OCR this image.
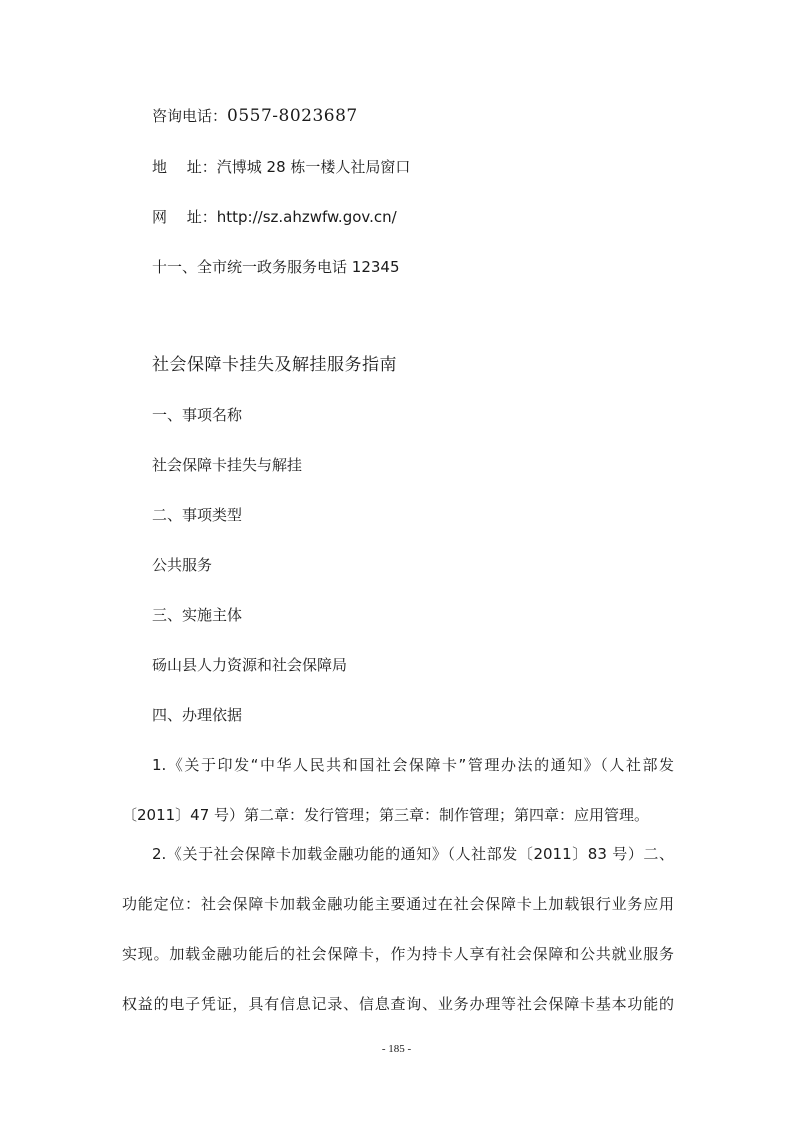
咨询电话：0557-8023687
地　 址：汽博城 28 栋一楼人社局窗口
网　 址：http://sz.ahzwfw.gov.cn/
十一、全市统一政务服务电话 12345
社会保障卡挂失及解挂服务指南
一、事项名称
社会保障卡挂失与解挂
二、事项类型
公共服务
三、实施主体
砀山县人力资源和社会保障局
四、办理依据
1.《关于印发“中华人民共和国社会保障卡”管理办法的通知》（人社部发
〔2011〕47 号）第二章：发行管理；第三章：制作管理；第四章：应用管理。
2.《关于社会保障卡加载金融功能的通知》（人社部发〔2011〕83 号）二、
功能定位：社会保障卡加载金融功能主要通过在社会保障卡上加载银行业务应用
实现。加载金融功能后的社会保障卡，作为持卡人享有社会保障和公共就业服务
权益的电子凭证，具有信息记录、信息查询、业务办理等社会保障卡基本功能的
- 185 -
